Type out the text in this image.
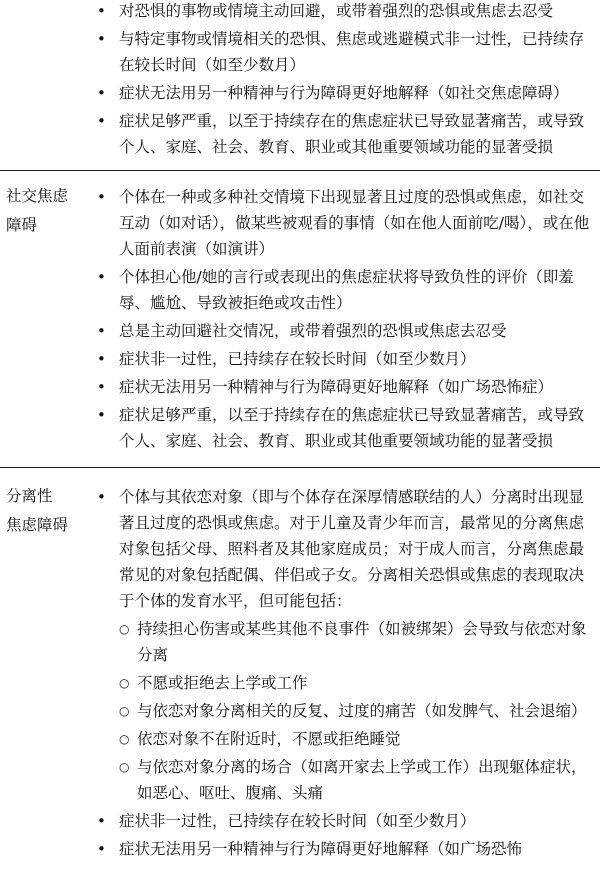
• 对恐惧的事物或情境主动回避，或带着强烈的恐惧或焦虑去忍受
• 与特定事物或情境相关的恐惧、焦虑或逃避模式非一过性，已持续存在较长时间（如至少数月）
• 症状无法用另一种精神与行为障碍更好地解释（如社交焦虑障碍）
• 症状足够严重，以至于持续存在的焦虑症状已导致显著痛苦，或导致个人、家庭、社会、教育、职业或其他重要领域功能的显著受损
社交焦虑
障碍
• 个体在一种或多种社交情境下出现显著且过度的恐惧或焦虑，如社交互动（如对话），做某些被观看的事情（如在他人面前吃/喝），或在他人面前表演（如演讲）
• 个体担心他/她的言行或表现出的焦虑症状将导致负性的评价（即羞辱、尴尬、导致被拒绝或攻击性）
• 总是主动回避社交情况，或带着强烈的恐惧或焦虑去忍受
• 症状非一过性，已持续存在较长时间（如至少数月）
• 症状无法用另一种精神与行为障碍更好地解释（如广场恐怖症）
• 症状足够严重，以至于持续存在的焦虑症状已导致显著痛苦，或导致个人、家庭、社会、教育、职业或其他重要领域功能的显著受损
分离性
焦虑障碍
• 个体与其依恋对象（即与个体存在深厚情感联结的人）分离时出现显著且过度的恐惧或焦虑。对于儿童及青少年而言，最常见的分离焦虑对象包括父母、照料者及其他家庭成员；对于成人而言，分离焦虑最常见的对象包括配偶、伴侣或子女。分离相关恐惧或焦虑的表现取决于个体的发育水平，但可能包括：
○ 持续担心伤害或某些其他不良事件（如被绑架）会导致与依恋对象分离
○ 不愿或拒绝去上学或工作
○ 与依恋对象分离相关的反复、过度的痛苦（如发脾气、社会退缩）
○ 依恋对象不在附近时，不愿或拒绝睡觉
○ 与依恋对象分离的场合（如离开家去上学或工作）出现躯体症状，如恶心、呕吐、腹痛、头痛
• 症状非一过性，已持续存在较长时间（如至少数月）
• 症状无法用另一种精神与行为障碍更好地解释（如广场恐怖
